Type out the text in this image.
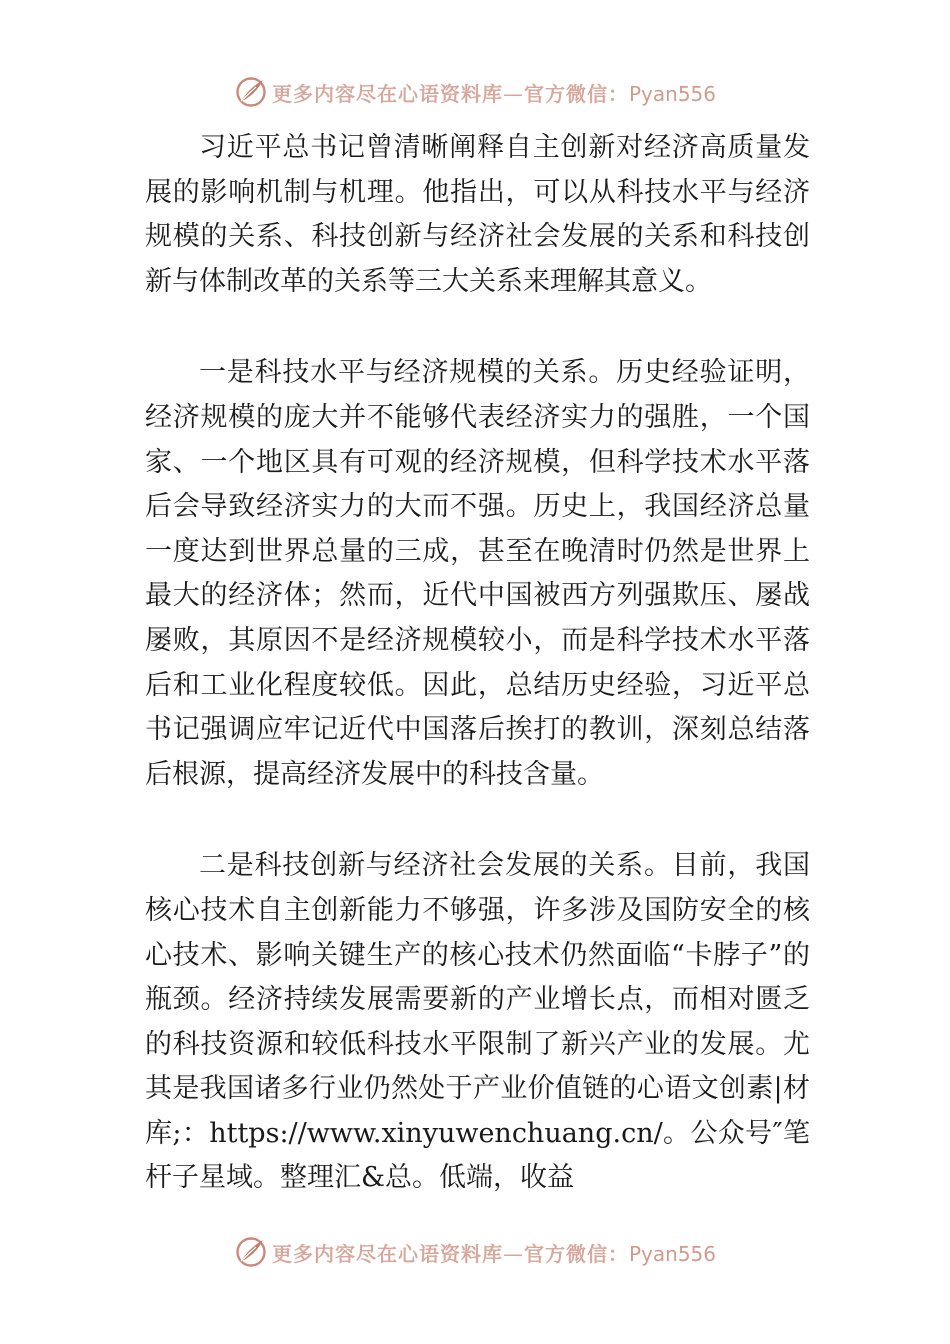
更多内容尽在心语资料库—官方微信：Pyan556

习近平总书记曾清晰阐释自主创新对经济高质量发展的影响机制与机理。他指出，可以从科技水平与经济规模的关系、科技创新与经济社会发展的关系和科技创新与体制改革的关系等三大关系来理解其意义。

一是科技水平与经济规模的关系。历史经验证明，经济规模的庞大并不能够代表经济实力的强胜，一个国家、一个地区具有可观的经济规模，但科学技术水平落后会导致经济实力的大而不强。历史上，我国经济总量一度达到世界总量的三成，甚至在晚清时仍然是世界上最大的经济体；然而，近代中国被西方列强欺压、屡战屡败，其原因不是经济规模较小，而是科学技术水平落后和工业化程度较低。因此，总结历史经验，习近平总书记强调应牢记近代中国落后挨打的教训，深刻总结落后根源，提高经济发展中的科技含量。

二是科技创新与经济社会发展的关系。目前，我国核心技术自主创新能力不够强，许多涉及国防安全的核心技术、影响关键生产的核心技术仍然面临“卡脖子”的瓶颈。经济持续发展需要新的产业增长点，而相对匮乏的科技资源和较低科技水平限制了新兴产业的发展。尤其是我国诸多行业仍然处于产业价值链的心语文创素|材库;：https://www.xinyuwenchuang.cn/。公众号″笔杆子星域。整理汇&总。低端，收益

更多内容尽在心语资料库—官方微信：Pyan556
